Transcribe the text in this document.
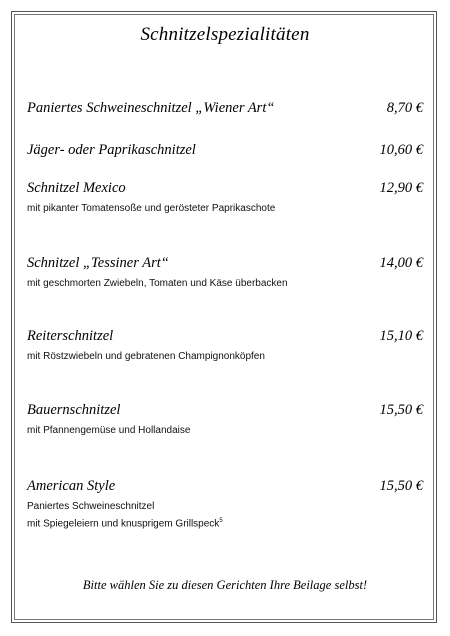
Schnitzelspezialitäten
Paniertes Schweineschnitzel „Wiener Art“	8,70 €
Jäger- oder Paprikaschnitzel	10,60 €
Schnitzel Mexico	12,90 €
mit pikanter Tomatensoße und gerösteter Paprikaschote
Schnitzel „Tessiner Art“	14,00 €
mit geschmorten Zwiebeln, Tomaten und Käse überbacken
Reiterschnitzel	15,10 €
mit Röstzwiebeln und gebratenen Champignonköpfen
Bauernschnitzel	15,50 €
mit Pfannengemüse und Hollandaise
American Style	15,50 €
Paniertes Schweineschnitzel
mit Spiegeleiern und knusprigem Grillspeck$^5$
Bitte wählen Sie zu diesen Gerichten Ihre Beilage selbst!
